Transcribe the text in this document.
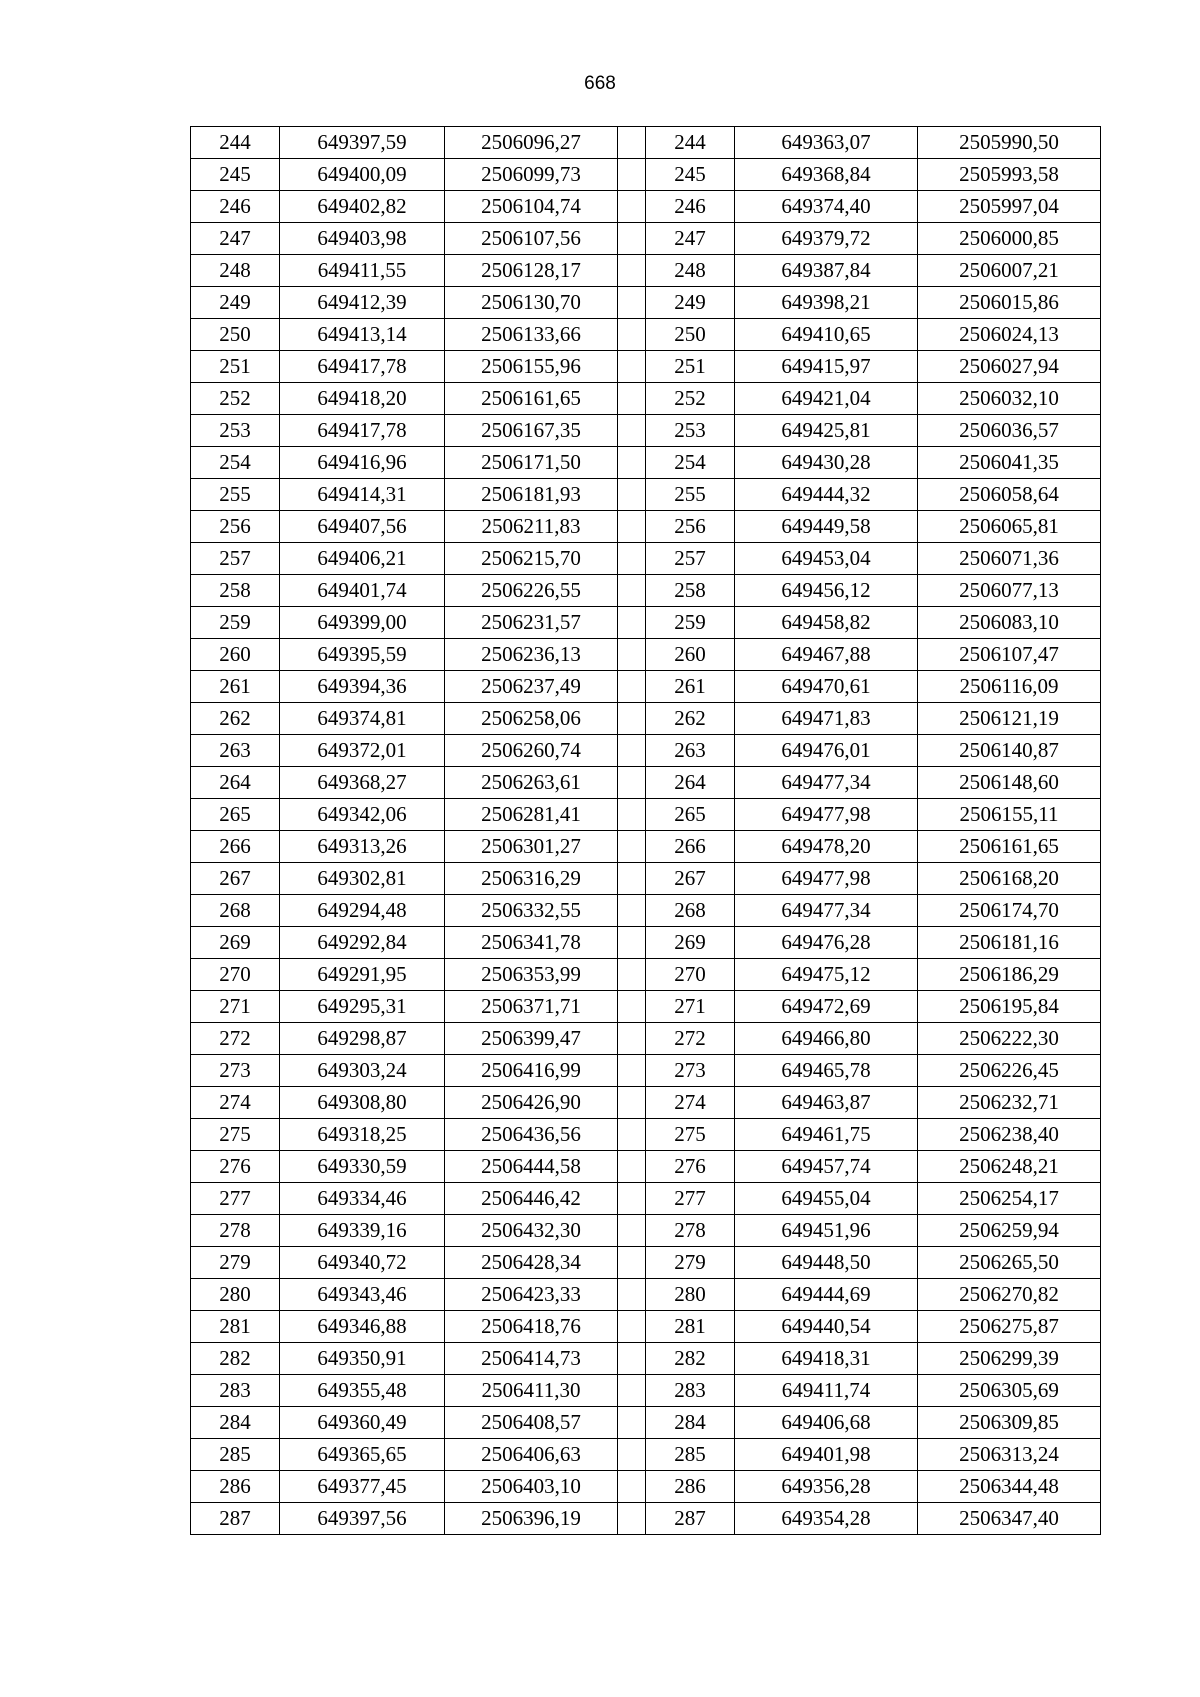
668
244	649397,59	2506096,27		244	649363,07	2505990,50
245	649400,09	2506099,73		245	649368,84	2505993,58
246	649402,82	2506104,74		246	649374,40	2505997,04
247	649403,98	2506107,56		247	649379,72	2506000,85
248	649411,55	2506128,17		248	649387,84	2506007,21
249	649412,39	2506130,70		249	649398,21	2506015,86
250	649413,14	2506133,66		250	649410,65	2506024,13
251	649417,78	2506155,96		251	649415,97	2506027,94
252	649418,20	2506161,65		252	649421,04	2506032,10
253	649417,78	2506167,35		253	649425,81	2506036,57
254	649416,96	2506171,50		254	649430,28	2506041,35
255	649414,31	2506181,93		255	649444,32	2506058,64
256	649407,56	2506211,83		256	649449,58	2506065,81
257	649406,21	2506215,70		257	649453,04	2506071,36
258	649401,74	2506226,55		258	649456,12	2506077,13
259	649399,00	2506231,57		259	649458,82	2506083,10
260	649395,59	2506236,13		260	649467,88	2506107,47
261	649394,36	2506237,49		261	649470,61	2506116,09
262	649374,81	2506258,06		262	649471,83	2506121,19
263	649372,01	2506260,74		263	649476,01	2506140,87
264	649368,27	2506263,61		264	649477,34	2506148,60
265	649342,06	2506281,41		265	649477,98	2506155,11
266	649313,26	2506301,27		266	649478,20	2506161,65
267	649302,81	2506316,29		267	649477,98	2506168,20
268	649294,48	2506332,55		268	649477,34	2506174,70
269	649292,84	2506341,78		269	649476,28	2506181,16
270	649291,95	2506353,99		270	649475,12	2506186,29
271	649295,31	2506371,71		271	649472,69	2506195,84
272	649298,87	2506399,47		272	649466,80	2506222,30
273	649303,24	2506416,99		273	649465,78	2506226,45
274	649308,80	2506426,90		274	649463,87	2506232,71
275	649318,25	2506436,56		275	649461,75	2506238,40
276	649330,59	2506444,58		276	649457,74	2506248,21
277	649334,46	2506446,42		277	649455,04	2506254,17
278	649339,16	2506432,30		278	649451,96	2506259,94
279	649340,72	2506428,34		279	649448,50	2506265,50
280	649343,46	2506423,33		280	649444,69	2506270,82
281	649346,88	2506418,76		281	649440,54	2506275,87
282	649350,91	2506414,73		282	649418,31	2506299,39
283	649355,48	2506411,30		283	649411,74	2506305,69
284	649360,49	2506408,57		284	649406,68	2506309,85
285	649365,65	2506406,63		285	649401,98	2506313,24
286	649377,45	2506403,10		286	649356,28	2506344,48
287	649397,56	2506396,19		287	649354,28	2506347,40
